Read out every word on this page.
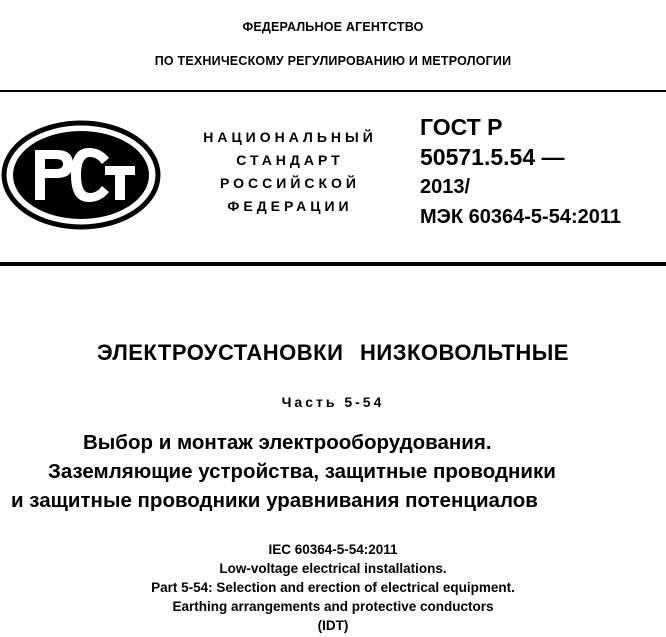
ФЕДЕРАЛЬНОЕ АГЕНТСТВО
ПО ТЕХНИЧЕСКОМУ РЕГУЛИРОВАНИЮ И МЕТРОЛОГИИ
НАЦИОНАЛЬНЫЙ
СТАНДАРТ
РОССИЙСКОЙ
ФЕДЕРАЦИИ
ГОСТ Р
50571.5.54 —
2013/
МЭК 60364-5-54:2011
ЭЛЕКТРОУСТАНОВКИ НИЗКОВОЛЬТНЫЕ
Часть 5-54
Выбор и монтаж электрооборудования.
Заземляющие устройства, защитные проводники
и защитные проводники уравнивания потенциалов
IEC 60364-5-54:2011
Low-voltage electrical installations.
Part 5-54: Selection and erection of electrical equipment.
Earthing arrangements and protective conductors
(IDT)
